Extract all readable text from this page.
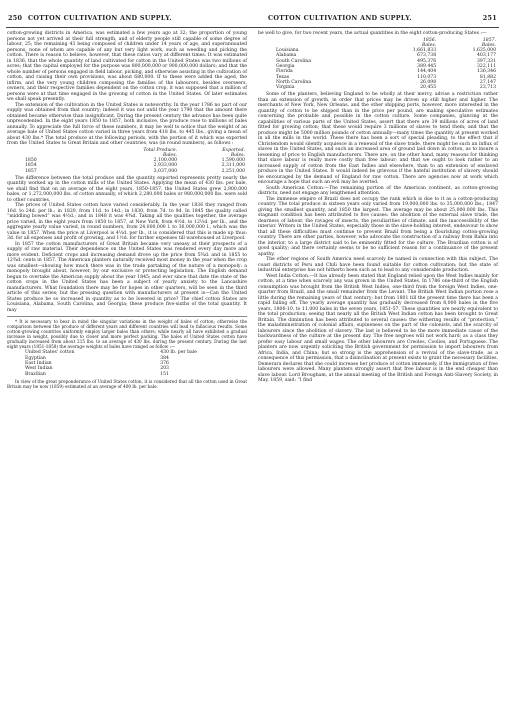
250 COTTON CULTIVATION AND SUPPLY.	COTTON CULTIVATION AND SUPPLY.	251

cotton-growing districts in America, was estimated a few years ago at 32; the proportion of young persons not yet arrived at their full strength, and of elderly people still capable of some degree of labour, 25; the remaining 43 being composed of children under 14 years of age, and superannuated persons, none of whom are capable of any but very light work, such as weeding and picking the cotton. There is reason to believe, however, that these ratios vary at different times. It was estimated in 1836, that the whole quantity of land cultivated for cotton in the United States was two millions of acres; that the capital employed for the purpose was 800,000,000 or 900,000,000 dollars; and that the whole number of persons engaged in field labour, picking, and otherwise assisting in the cultivation of cotton, and raising their own provisions, was about 680,000. If to these were added the aged, the infirm, and the very young children composing the families of the labourers, besides overseers, owners, and their respective families dependent on the cotton crop, it was supposed that a million of persons were at that time engaged in the growing of cotton in the United States. Of later estimates we shall speak presently.

The extension of the cultivation in the United States is noteworthy. In the year 1786 no part of our supply was obtained from that country; indeed it was not until the year 1790 that the amount there obtained became otherwise than insignificant. During the present century the advance has been quite unprecedented. In the eight years 1850 to 1857, both inclusive, the produce rose to millions of bales annually. To appreciate the full force of these numbers, it may be well to notice that the weight of an average bale of United States cotton varied in three years from 418 lbs. to 445 lbs., giving a mean of about 430 lbs.* The total produce at the following periods, with the portion of it which was exported from the United States to Great Britain and other countries, was (in round numbers), as follows :

	Total Produce.	Exported.
	Bales.	Bales.
1850	2,100,000	1,590,000
1854	2,933,000	2,311,000
1857	3,037,000	2,251,000

The difference between the total produce and the quantity exported represents pretty nearly the quantity worked up in the cotton mills of the United States. Applying the mean of 430 lbs. per bale, we shall find that on an average of the eight years, 1850-1857, the United States grew 2,900,000 bales, or 1,272,000,000 lbs. of cotton annually, of which 2,280,000 bales or 980,000,000 lbs. were sold to other countries.

The prices of United States cotton have varied considerably. In the year 1836 they ranged from 16d. to 24d. per lb.; in 1820, from 11d. to 14d.; in 1830, from 7d. to 9d. In 1845 the quality called “middling bowed” was 4½d.; and in 1848 it was 4¾d. Taking all the qualities together, the average price varied, in the eight years from 1850 to 1857, at New York, from 4½d. to 12½d. per lb., and the aggregate yearly value varied, in round numbers, from 24,000,000 l. to 36,000,000 l., which was the value in 1857. When the price at Liverpool is 4½d. per lb., it is considered that this is made up thus: 3d. for all expenses and profit of growing, and 1½d. for further expenses till warehoused at Liverpool.

In 1857 the cotton manufacturers of Great Britain became very uneasy at their prospects of a supply of raw material. Their dependence on the United States was rendered every day more and more evident. Deficient crops and increasing demand drove up the price from 5¾d. and in 1855 to 12¾d. cents in 1857. The American planters naturally received most money in the year when the crop was smallest—showing how much there was in the trade partaking of the nature of a monopoly: a monopoly brought about, however, by our exclusive or protecting legislation. The English demand began to overtake the American supply about the year 1845; and ever since that date the state of the cotton crops in the United States has been a subject of yearly anxiety to the Lancashire manufacturers. What foundation there may be for hopes in other quarters, will be seen in the third article of this series; but the pressing question with manufacturers at present is—Can the United States produce be so increased in quantity as to be lowered in price? The chief cotton States are Louisiana, Alabama, South Carolina, and Georgia; these produce five-sixths of the total quantity. It may

* It is necessary to bear in mind the singular variations in the weight of bales of cotton; otherwise the comparison between the produce of different years and different countries will lead to fallacious results. Some cotton-growing countries uniformly employ larger bales than others; while nearly all have exhibited a gradual increase in weight, possibly due to closer and more perfect packing. The bales of United States cotton have gradually increased from about 215 lbs. to an average of 430 lbs. during the present century. During the last eight years (1851-1858) the average weights of bales have ranged as follow :—

United States' cotton	430 lb. per bale
Egyptian	384
East Indian	376
West Indian	203
Brazilian	151

In view of the great preponderance of United States cotton, it is considered that all the cotton used in Great Britain may be now (1859) estimated at an average of 400 lb. per bale.

be well to give, for two recent years, the actual quantities in the eight cotton-producing States :—

	1856.	1857.
	Bales.	Bales.
Louisiana	1,661,833	1,635,000
Alabama	673,738	403,177
South Carolina	495,376	397,331
Georgia	389,445	322,111
Florida	144,404	136,346
Texas	110,073	81,882
North Carolina	26,098	27,147
Virginia	20,455	23,713

Some of the planters, believing England to be wholly at their mercy, advise a restriction rather than an extension of growth, in order that prices may be driven up still higher and higher. The merchants of New York, New Orleans, and the other shipping ports, however, more interested in the quantity of cotton to be shipped than in the price per pound, are making speculative estimates concerning the probable and possible in the cotton culture. Some companies, glancing at the capabilities of various parts of the United States, assert that there are 39 millions of acres of land fitted for growing cotton; that these would require 3 millions of slaves to tend them; and that the produce might be 5000 million pounds of cotton annually—many times the quantity at present worked in all the mills in the world. These there has been a sort of special pleading, to the effect that if Christendom would silently acquiesce in a renewal of the slave trade, there might be such an influx of slaves in the United States, and such an increased area of ground laid down in cotton, as to insure a lessening of price to English manufacturers. There are, on the other hand, many reasons for thinking that slave labour is really more costly than free labour; and that we ought to look rather to an increased supply of cotton from the East Indies and elsewhere, than to an extension of enslaved produce in the United States. It would indeed be grievous if the hateful institution of slavery should be encouraged by the demand of England for raw cotton. There are agencies now at work which encourage a hope that such an evil may be averted.

South American Cotton.—The remaining portion of the American continent, as cotton-growing districts, need not engage any lengthened attention.

The immense empire of Brazil does not occupy the rank which is due to it as a cotton-producing country. The total produce in sixteen years only varied from 19,000,000 lbs. to 35,000,000 lbs.; 1847 giving the smallest quantity, and 1850 the largest. The average may be about 25,000,000 lbs. This stagnant condition has been attributed to five causes: the abolition of the external slave trade, the dearness of labour, the ravages of insects, the peculiarities of climate, and the inaccessibility of the interior. Writers in the United States, especially those in the slave-holding interest, endeavour to show that all these difficulties must continue to prevent Brazil from being a flourishing cotton-growing country. There are other parties, however, who advocate the construction of a railway from Bahia into the interior, to a large district said to be eminently fitted for the culture. The Brazilian cotton is of good quality; and there certainly seems to be no sufficient reason for a continuance of the present apathy.

The other regions of South America need scarcely be named in connection with this subject. The coast districts of Peru and Chili have been found suitable for cotton cultivation; but the state of industrial enterprise has not hitherto been such as to lead to any considerable production.

West India Cotton.—It has already been stated that England relied upon the West Indies mainly for cotton, at a time when scarcely any was grown in the United States. In 1786 one-third of the English consumption was brought from the British West Indies, one-third from the foreign West Indies, one-quarter from Brazil, and the small remainder from the Levant. The British West Indian portion rose a little during the remaining years of that century; but from 1801 till the present time there has been a rapid falling off. The yearly average quantity has gradually decreased from 8,000 bales in the five years, 1806-10, to 11,000 bales in the seven years, 1851-57. These quantities are nearly equivalent to the total production; seeing that nearly all the British West Indian cotton has been brought to Great Britain. The diminution has been attributed to several causes: the withering results of “protection,” the maladministration of colonial affairs, supineness on the part of the colonists, and the scarcity of labourers since the abolition of slavery. The last is believed to be the more immediate cause of the backwardness of the culture at the present day. The free negroes will not work hard; as a class they prefer easy labour and small wages. The other labourers are Creoles, Coolies, and Portuguese. The planters are now urgently soliciting the British government for permission to import labourers from Africa, India, and China; but so strong is the apprehension of a revival of the slave-trade, as a consequence of this permission, that a disinclination at present exists to grant the necessary facilities. Demerara declares that she could increase her produce of cotton immensely, if the immigration of free labourers were allowed. Many planters strongly assert that free labour is in the end cheaper than slave labour. Lord Brougham, at the annual meeting of the British and Foreign Anti-Slavery Society, in May, 1859, said: “I find
